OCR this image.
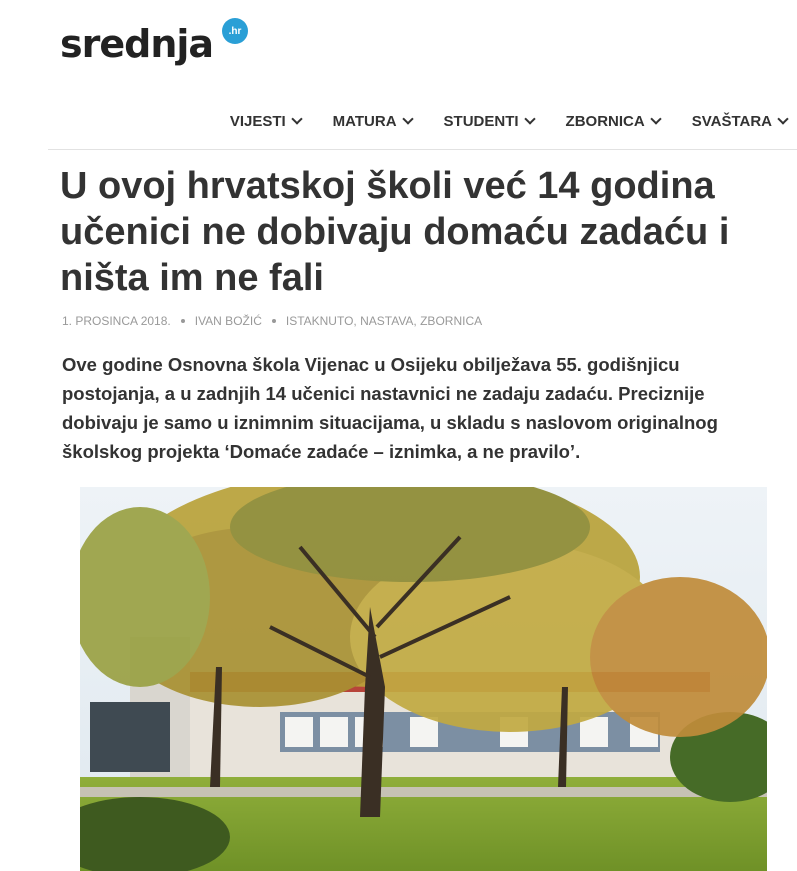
srednja	.hr
VIJESTI	MATURA	STUDENTI	ZBORNICA	SVAŠTARA
U ovoj hrvatskoj školi već 14 godina učenici ne dobivaju domaću zadaću i ništa im ne fali
1. PROSINCA 2018. IVAN BOŽIĆ ISTAKNUTO, NASTAVA, ZBORNICA

Ove godine Osnovna škola Vijenac u Osijeku obilježava 55. godišnjicu postojanja, a u zadnjih 14 učenici nastavnici ne zadaju zadaću. Preciznije dobivaju je samo u iznimnim situacijama, u skladu s naslovom originalnog školskog projekta ‘Domaće zadaće – iznimka, a ne pravilo’.
